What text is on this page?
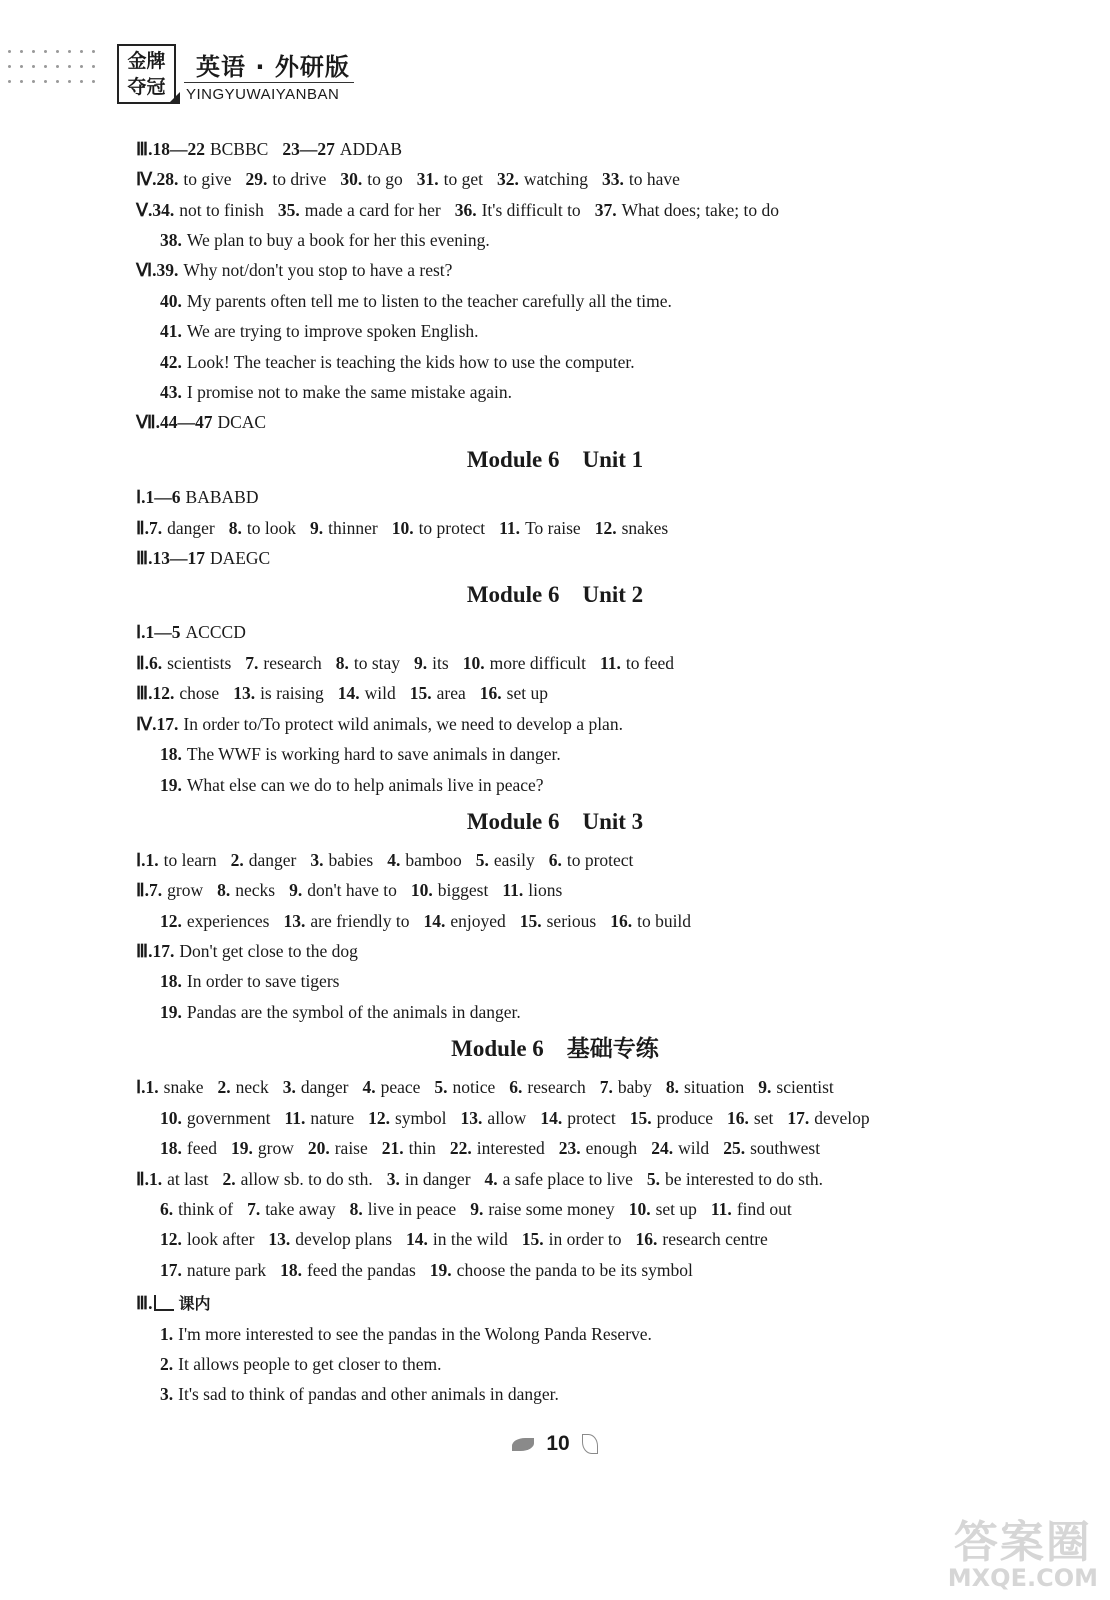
金牌
夺冠
英语 · 外研版
YINGYUWAIYANBAN
Ⅲ.18—22 BCBBC 23—27 ADDAB
Ⅳ.28. to give 29. to drive 30. to go 31. to get 32. watching 33. to have
Ⅴ.34. not to finish 35. made a card for her 36. It's difficult to 37. What does; take; to do
38. We plan to buy a book for her this evening.
Ⅵ.39. Why not/don't you stop to have a rest?
40. My parents often tell me to listen to the teacher carefully all the time.
41. We are trying to improve spoken English.
42. Look! The teacher is teaching the kids how to use the computer.
43. I promise not to make the same mistake again.
Ⅶ.44—47 DCAC
Ⅰ.1—6 BABABD
Ⅱ.7. danger 8. to look 9. thinner 10. to protect 11. To raise 12. snakes
Ⅲ.13—17 DAEGC
Ⅰ.1—5 ACCCD
Ⅱ.6. scientists 7. research 8. to stay 9. its 10. more difficult 11. to feed
Ⅲ.12. chose 13. is raising 14. wild 15. area 16. set up
Ⅳ.17. In order to/To protect wild animals, we need to develop a plan.
18. The WWF is working hard to save animals in danger.
19. What else can we do to help animals live in peace?
Ⅰ.1. to learn 2. danger 3. babies 4. bamboo 5. easily 6. to protect
Ⅱ.7. grow 8. necks 9. don't have to 10. biggest 11. lions
12. experiences 13. are friendly to 14. enjoyed 15. serious 16. to build
Ⅲ.17. Don't get close to the dog
18. In order to save tigers
19. Pandas are the symbol of the animals in danger.
Ⅰ.1. snake 2. neck 3. danger 4. peace 5. notice 6. research 7. baby 8. situation 9. scientist
10. government 11. nature 12. symbol 13. allow 14. protect 15. produce 16. set 17. develop
18. feed 19. grow 20. raise 21. thin 22. interested 23. enough 24. wild 25. southwest
Ⅱ.1. at last 2. allow sb. to do sth. 3. in danger 4. a safe place to live 5. be interested to do sth.
6. think of 7. take away 8. live in peace 9. raise some money 10. set up 11. find out
12. look after 13. develop plans 14. in the wild 15. in order to 16. research centre
17. nature park 18. feed the pandas 19. choose the panda to be its symbol
1. I'm more interested to see the pandas in the Wolong Panda Reserve.
2. It allows people to get closer to them.
3. It's sad to think of pandas and other animals in danger.
Module 6    Unit 1
Module 6    Unit 2
Module 6    Unit 3
Module 6    基础专练
Ⅲ. 课内
10
答案圈
MXQE.COM
